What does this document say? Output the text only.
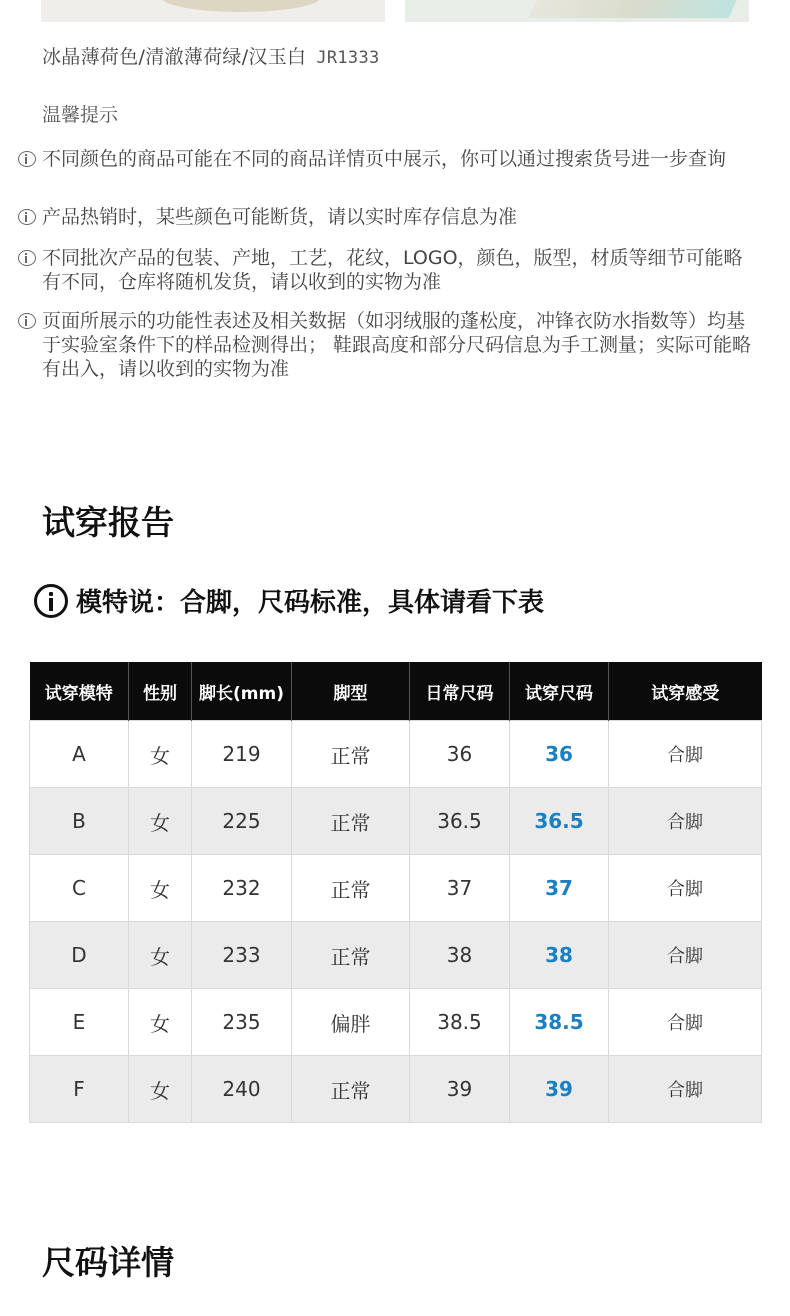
冰晶薄荷色/清澈薄荷绿/汉玉白 JR1333
温馨提示
不同颜色的商品可能在不同的商品详情页中展示，你可以通过搜索货号进一步查询
产品热销时，某些颜色可能断货，请以实时库存信息为准
不同批次产品的包装、产地，工艺，花纹，LOGO，颜色，版型，材质等细节可能略有不同，仓库将随机发货，请以收到的实物为准
页面所展示的功能性表述及相关数据（如羽绒服的蓬松度，冲锋衣防水指数等）均基于实验室条件下的样品检测得出； 鞋跟高度和部分尺码信息为手工测量；实际可能略有出入，请以收到的实物为准
试穿报告
模特说：合脚，尺码标准，具体请看下表
试穿模特	性别	脚长(mm)	脚型	日常尺码	试穿尺码	试穿感受
A	女	219	正常	36	36	合脚
B	女	225	正常	36.5	36.5	合脚
C	女	232	正常	37	37	合脚
D	女	233	正常	38	38	合脚
E	女	235	偏胖	38.5	38.5	合脚
F	女	240	正常	39	39	合脚
尺码详情
